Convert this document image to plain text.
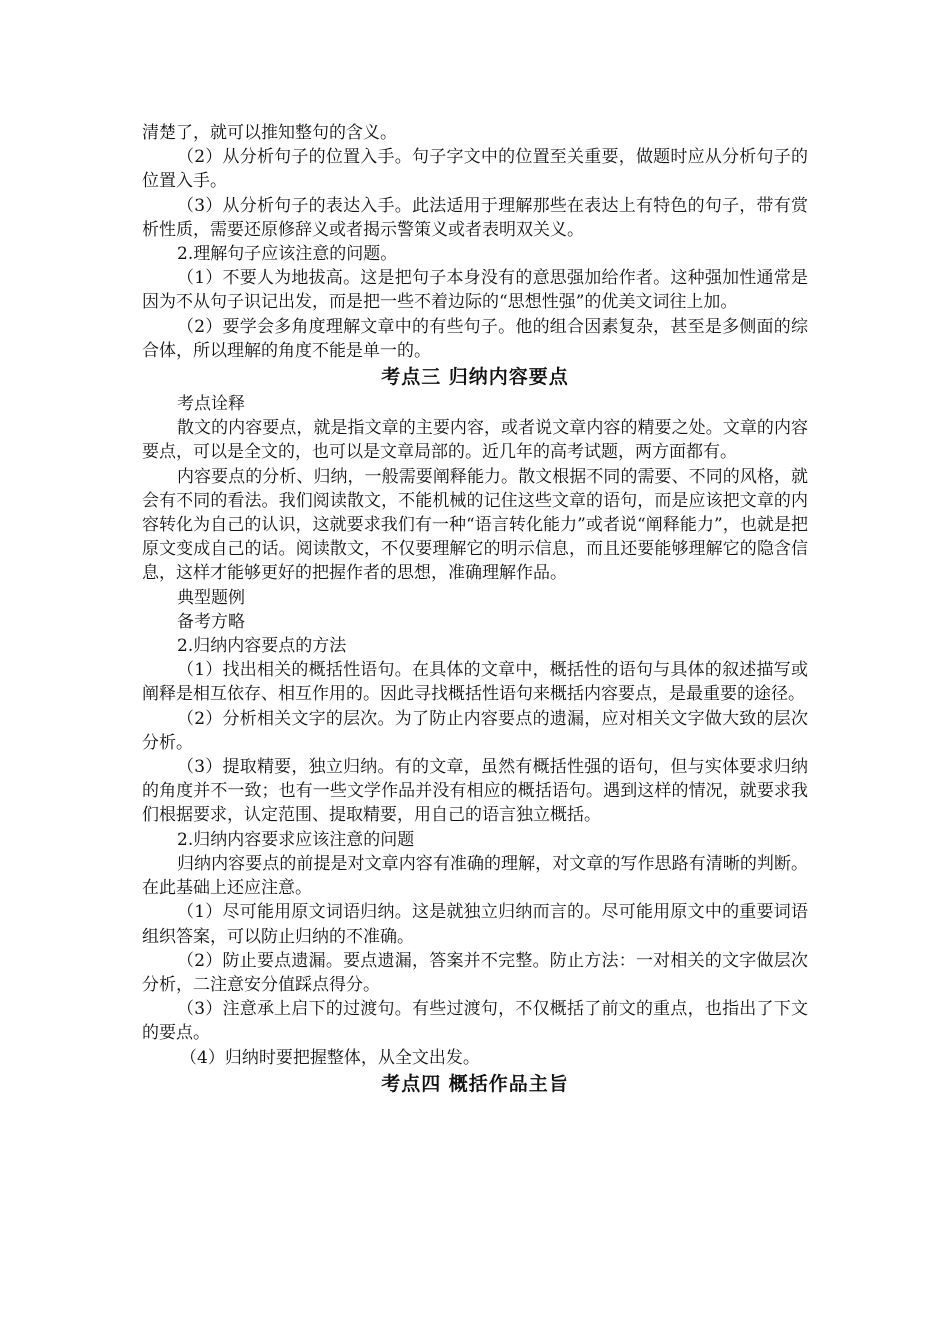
清楚了，就可以推知整句的含义。

（2）从分析句子的位置入手。句子字文中的位置至关重要，做题时应从分析句子的位置入手。

（3）从分析句子的表达入手。此法适用于理解那些在表达上有特色的句子，带有赏析性质，需要还原修辞义或者揭示警策义或者表明双关义。

2.理解句子应该注意的问题。

（1）不要人为地拔高。这是把句子本身没有的意思强加给作者。这种强加性通常是因为不从句子识记出发，而是把一些不着边际的“思想性强”的优美文词往上加。

（2）要学会多角度理解文章中的有些句子。他的组合因素复杂，甚至是多侧面的综合体，所以理解的角度不能是单一的。

考点三 归纳内容要点

考点诠释

散文的内容要点，就是指文章的主要内容，或者说文章内容的精要之处。文章的内容要点，可以是全文的，也可以是文章局部的。近几年的高考试题，两方面都有。

内容要点的分析、归纳，一般需要阐释能力。散文根据不同的需要、不同的风格，就会有不同的看法。我们阅读散文，不能机械的记住这些文章的语句，而是应该把文章的内容转化为自己的认识，这就要求我们有一种“语言转化能力”或者说“阐释能力”，也就是把原文变成自己的话。阅读散文，不仅要理解它的明示信息，而且还要能够理解它的隐含信息，这样才能够更好的把握作者的思想，准确理解作品。

典型题例

备考方略

2.归纳内容要点的方法

（1）找出相关的概括性语句。在具体的文章中，概括性的语句与具体的叙述描写或阐释是相互依存、相互作用的。因此寻找概括性语句来概括内容要点，是最重要的途径。

（2）分析相关文字的层次。为了防止内容要点的遗漏，应对相关文字做大致的层次分析。

（3）提取精要，独立归纳。有的文章，虽然有概括性强的语句，但与实体要求归纳的角度并不一致；也有一些文学作品并没有相应的概括语句。遇到这样的情况，就要求我们根据要求，认定范围、提取精要，用自己的语言独立概括。

2.归纳内容要求应该注意的问题

归纳内容要点的前提是对文章内容有准确的理解，对文章的写作思路有清晰的判断。在此基础上还应注意。

（1）尽可能用原文词语归纳。这是就独立归纳而言的。尽可能用原文中的重要词语组织答案，可以防止归纳的不准确。

（2）防止要点遗漏。要点遗漏，答案并不完整。防止方法：一对相关的文字做层次分析，二注意安分值踩点得分。

（3）注意承上启下的过渡句。有些过渡句，不仅概括了前文的重点，也指出了下文的要点。

（4）归纳时要把握整体，从全文出发。

考点四 概括作品主旨
